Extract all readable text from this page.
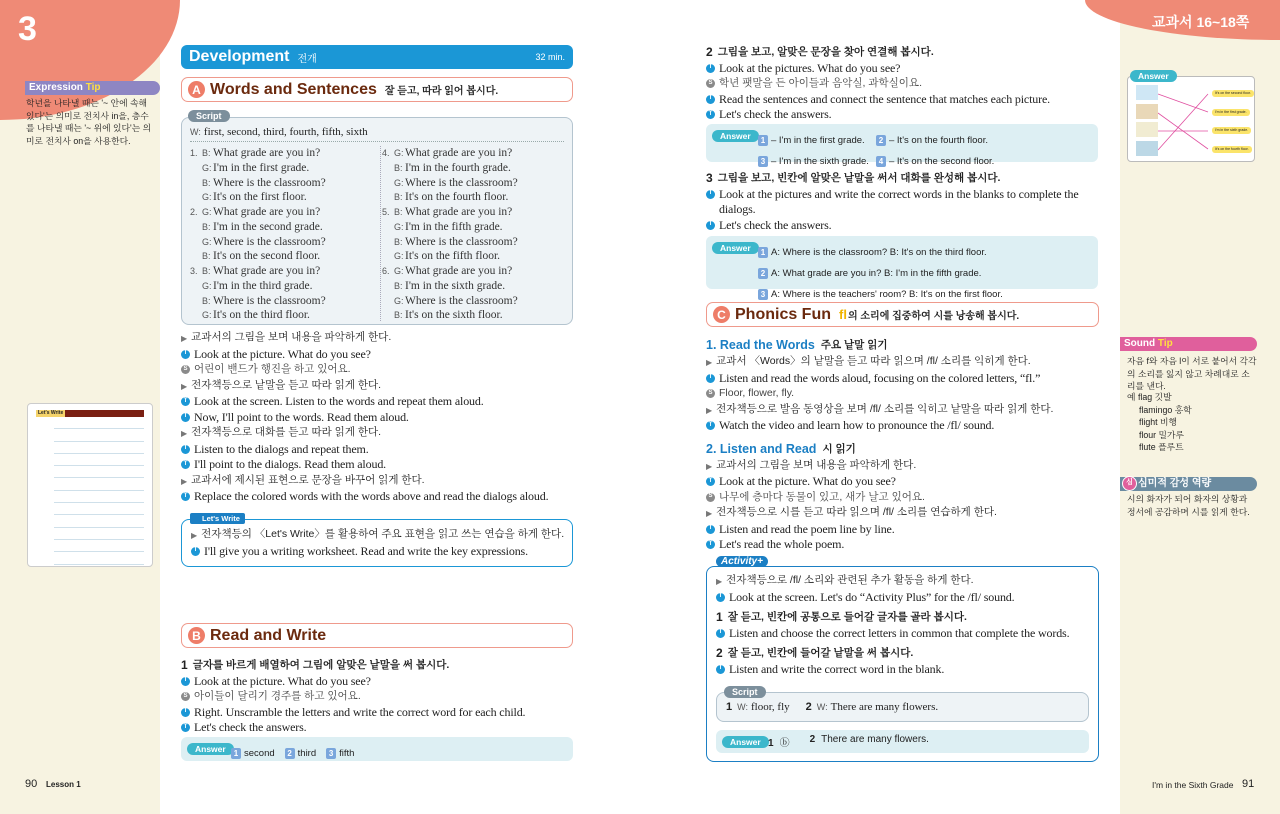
3	교과서 16~18쪽
Expression Tip
학년을 나타낼 때는 '~ 안에 속해 있다'는 의미로 전치사 in을, 층수를 나타낼 때는 '~ 위에 있다'는 의미로 전치사 on을 사용한다.
Let's Write
Development 전개	32 min.
A Words and Sentences 잘 듣고, 따라 읽어 봅시다.
W: first, second, third, fourth, fifth, sixth
1. B: What grade are you in?
G: I'm in the first grade.
B: Where is the classroom?
G: It's on the first floor.
2. G: What grade are you in?
B: I'm in the second grade.
G: Where is the classroom?
B: It's on the second floor.
3. B: What grade are you in?
G: I'm in the third grade.
B: Where is the classroom?
G: It's on the third floor.
4. G: What grade are you in?
B: I'm in the fourth grade.
G: Where is the classroom?
B: It's on the fourth floor.
5. B: What grade are you in?
G: I'm in the fifth grade.
B: Where is the classroom?
G: It's on the fifth floor.
6. G: What grade are you in?
B: I'm in the sixth grade.
G: Where is the classroom?
B: It's on the sixth floor.
Script
▶ 교과서의 그림을 보며 내용을 파악하게 한다.
T Look at the picture. What do you see?
S 어린이 밴드가 행진을 하고 있어요.
▶ 전자책등으로 낱말을 듣고 따라 읽게 한다.
T Look at the screen. Listen to the words and repeat them aloud.
T Now, I'll point to the words. Read them aloud.
▶ 전자책등으로 대화를 듣고 따라 읽게 한다.
T Listen to the dialogs and repeat them.
T I'll point to the dialogs. Read them aloud.
▶ 교과서에 제시된 표현으로 문장을 바꾸어 읽게 한다.
T Replace the colored words with the words above and read the dialogs aloud.
Let's Write
▶ 전자책등의 〈Let's Write〉를 활용하여 주요 표현을 읽고 쓰는 연습을 하게 한다.
T I'll give you a writing worksheet. Read and write the key expressions.
B Read and Write
1 글자를 바르게 배열하여 그림에 알맞은 낱말을 써 봅시다.
T Look at the picture. What do you see?
S 아이들이 달리기 경주를 하고 있어요.
T Right. Unscramble the letters and write the correct word for each child.
T Let's check the answers.
Answer	1 second	2 third	3 fifth
2 그림을 보고, 알맞은 문장을 찾아 연결해 봅시다.
T Look at the pictures. What do you see?
S 학년 팻말을 든 아이들과 음악실, 과학실이요.
T Read the sentences and connect the sentence that matches each picture.
T Let's check the answers.
Answer	1 – I'm in the first grade.	2 – It's on the fourth floor.
3 – I'm in the sixth grade.	4 – It's on the second floor.
3 그림을 보고, 빈칸에 알맞은 낱말을 써서 대화를 완성해 봅시다.
T Look at the pictures and write the correct words in the blanks to complete the dialogs.
T Let's check the answers.
Answer	1 A: Where is the classroom? B: It's on the third floor.
2 A: What grade are you in? B: I'm in the fifth grade.
3 A: Where is the teachers' room? B: It's on the first floor.
C Phonics Fun fl 의 소리에 집중하여 시를 낭송해 봅시다.
1. Read the Words 주요 낱말 읽기
▶ 교과서 〈Words〉의 낱말을 듣고 따라 읽으며 /fl/ 소리를 익히게 한다.
T Listen and read the words aloud, focusing on the colored letters, “fl.”
S Floor, flower, fly.
▶ 전자책등으로 발음 동영상을 보며 /fl/ 소리를 익히고 낱말을 따라 읽게 한다.
T Watch the video and learn how to pronounce the /fl/ sound.
2. Listen and Read 시 읽기
▶ 교과서의 그림을 보며 내용을 파악하게 한다.
T Look at the picture. What do you see?
S 나무에 층마다 동물이 있고, 새가 날고 있어요.
▶ 전자책등으로 시를 듣고 따라 읽으며 /fl/ 소리를 연습하게 한다.
T Listen and read the poem line by line.
T Let's read the whole poem.
Activity+
▶ 전자책등으로 /fl/ 소리와 관련된 추가 활동을 하게 한다.
T Look at the screen. Let's do “Activity Plus” for the /fl/ sound.
1 잘 듣고, 빈칸에 공통으로 들어갈 글자를 골라 봅시다.
T Listen and choose the correct letters in common that complete the words.
2 잘 듣고, 빈칸에 들어갈 낱말을 써 봅시다.
T Listen and write the correct word in the blank.
1 W: floor, fly 2 W: There are many flowers.
Script
Answer 1 ⓑ 2 There are many flowers.
It's on the second floor.
I'm in the first grade.
I'm in the sixth grade.
It's on the fourth floor.
Answer
Sound Tip
자음 f와 자음 l이 서로 붙어서 각각의 소리를 잃지 않고 차례대로 소리를 낸다.
예 flag 깃발
flamingo 홍학
flight 비행
flour 밀가루
flute 플루트
심미적 감성 역량
심
시의 화자가 되어 화자의 상황과 정서에 공감하며 시를 읽게 한다.
90 Lesson 1	I'm in the Sixth Grade 91
